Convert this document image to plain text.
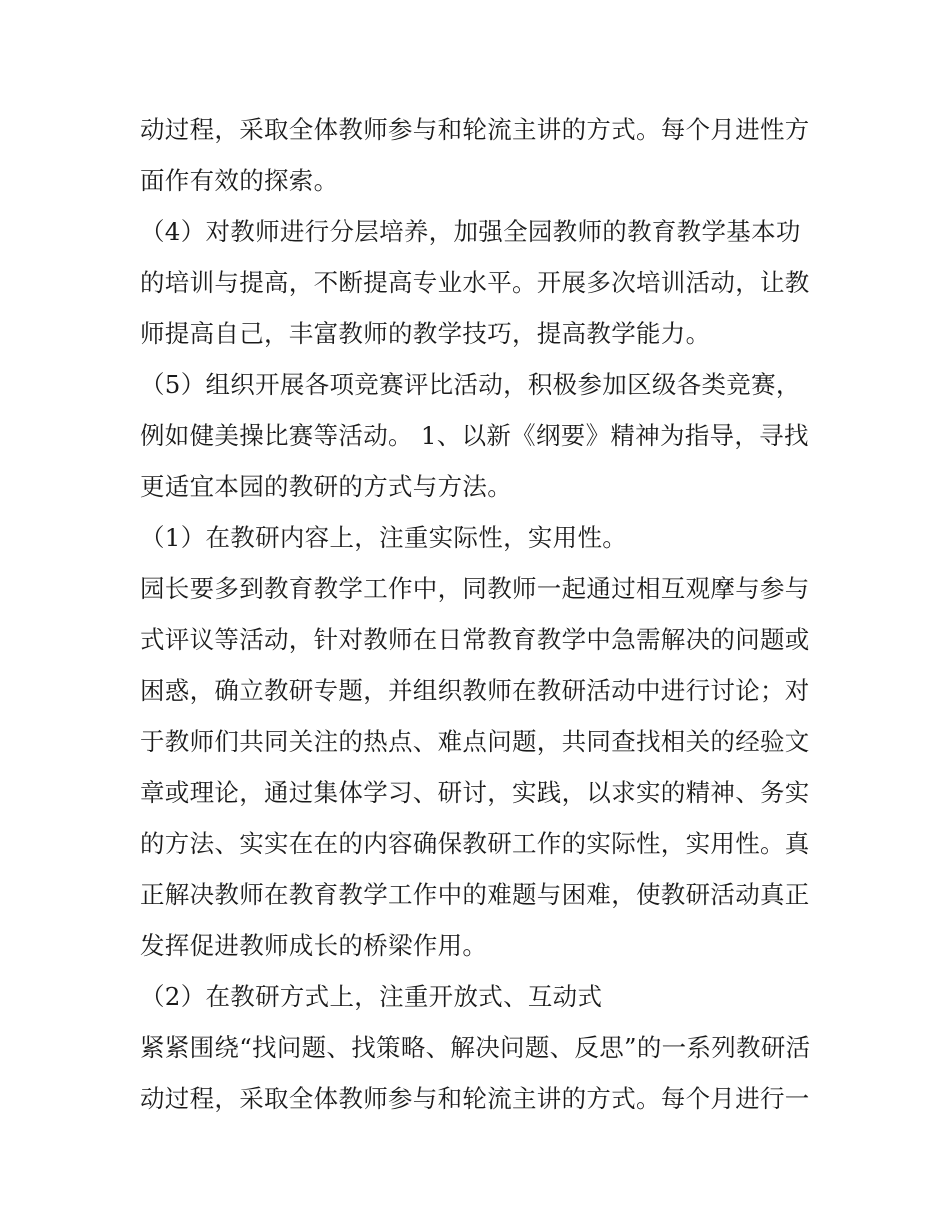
动过程，采取全体教师参与和轮流主讲的方式。每个月进性方
面作有效的探索。
（4）对教师进行分层培养，加强全园教师的教育教学基本功
的培训与提高，不断提高专业水平。开展多次培训活动，让教
师提高自己，丰富教师的教学技巧，提高教学能力。
（5）组织开展各项竞赛评比活动，积极参加区级各类竞赛，
例如健美操比赛等活动。 1、以新《纲要》精神为指导，寻找
更适宜本园的教研的方式与方法。
（1）在教研内容上，注重实际性，实用性。
园长要多到教育教学工作中，同教师一起通过相互观摩与参与
式评议等活动，针对教师在日常教育教学中急需解决的问题或
困惑，确立教研专题，并组织教师在教研活动中进行讨论；对
于教师们共同关注的热点、难点问题，共同查找相关的经验文
章或理论，通过集体学习、研讨，实践，以求实的精神、务实
的方法、实实在在的内容确保教研工作的实际性，实用性。真
正解决教师在教育教学工作中的难题与困难，使教研活动真正
发挥促进教师成长的桥梁作用。
（2）在教研方式上，注重开放式、互动式
紧紧围绕“找问题、找策略、解决问题、反思”的一系列教研活
动过程，采取全体教师参与和轮流主讲的方式。每个月进行一
